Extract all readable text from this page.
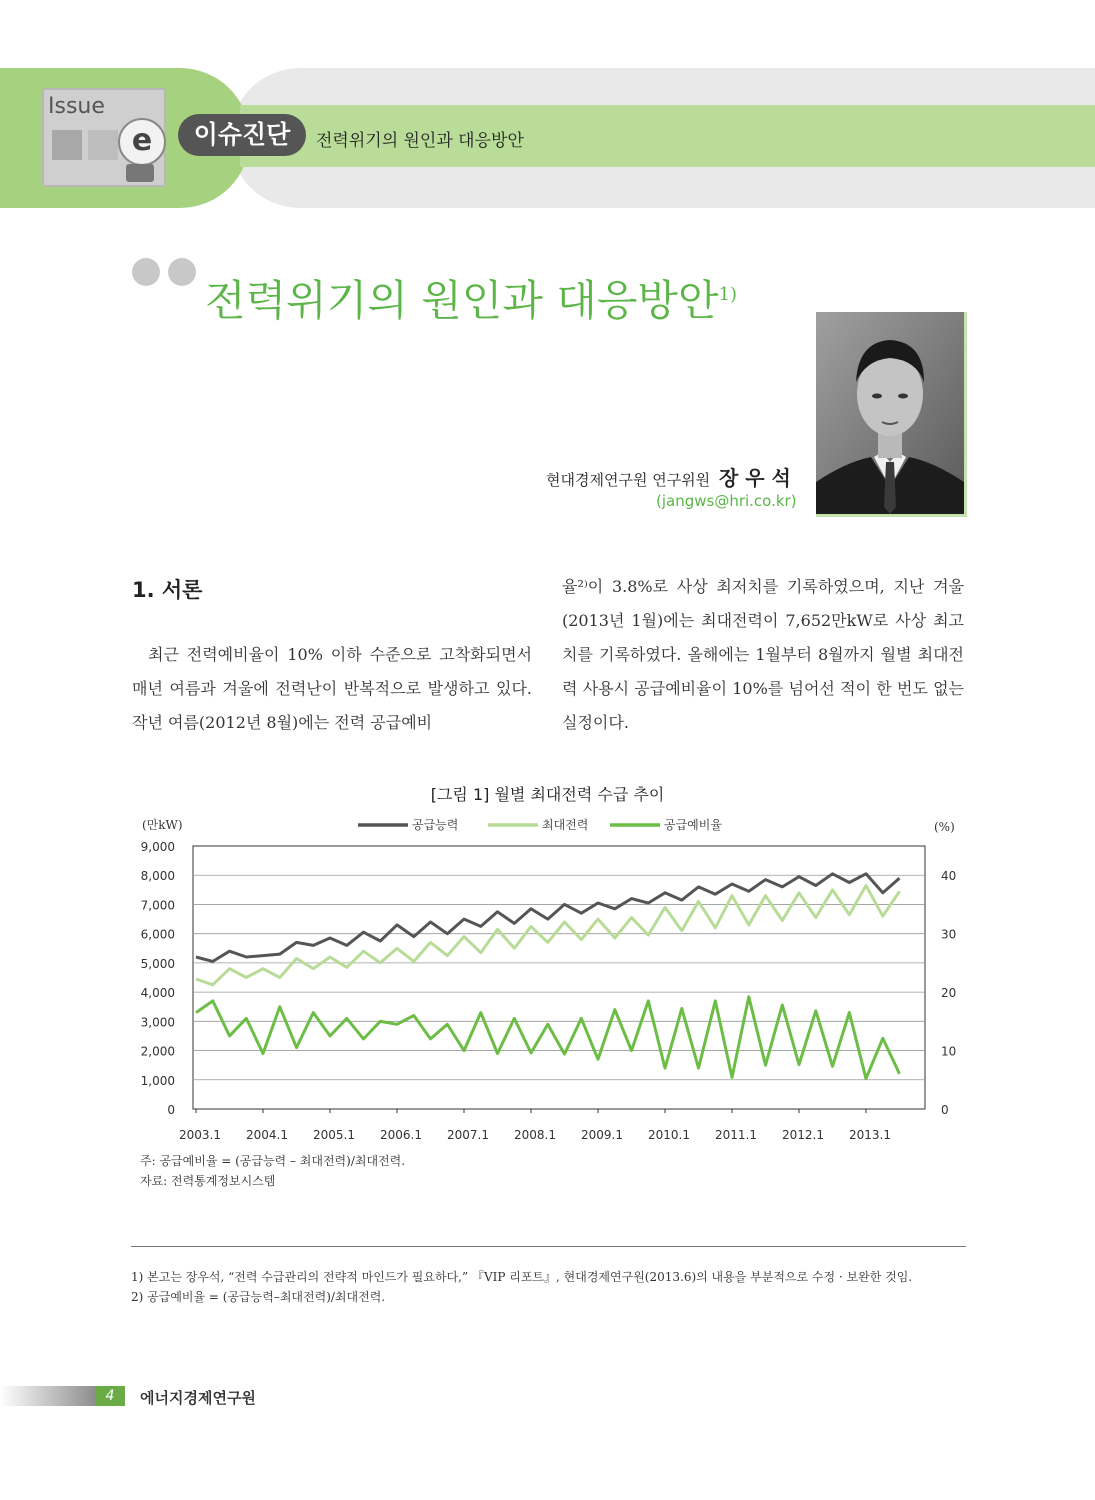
Issue
e	이슈진단	전력위기의 원인과 대응방안
전력위기의 원인과 대응방안$^{1)}$
현대경제연구원 연구위원 장 우 석
(jangws@hri.co.kr)
1. 서론
최근 전력예비율이 10% 이하 수준으로 고착화되면서 매년 여름과 겨울에 전력난이 반복적으로 발생하고 있다. 작년 여름(2012년 8월)에는 전력 공급예비
율²⁾이 3.8%로 사상 최저치를 기록하였으며, 지난 겨울(2013년 1월)에는 최대전력이 7,652만kW로 사상 최고치를 기록하였다. 올해에는 1월부터 8월까지 월별 최대전력 사용시 공급예비율이 10%를 넘어선 적이 한 번도 없는 실정이다.
[그림 1] 월별 최대전력 수급 추이
0
1,000
2,000
3,000
4,000
5,000
6,000
7,000
8,000
9,000
0
10
20
30
40
(만kW)	(%)
2003.1 2004.1 2005.1 2006.1 2007.1 2008.1 2009.1 2010.1 2011.1 2012.1 2013.1
공급능력	최대전력	공급예비율
주: 공급예비율 = (공급능력 – 최대전력)/최대전력.
자료: 전력통계정보시스템
1) 본고는 장우석, “전력 수급관리의 전략적 마인드가 필요하다,” 『VIP 리포트』, 현대경제연구원(2013.6)의 내용을 부분적으로 수정 · 보완한 것임.
2) 공급예비율 = (공급능력–최대전력)/최대전력.
4	에너지경제연구원
